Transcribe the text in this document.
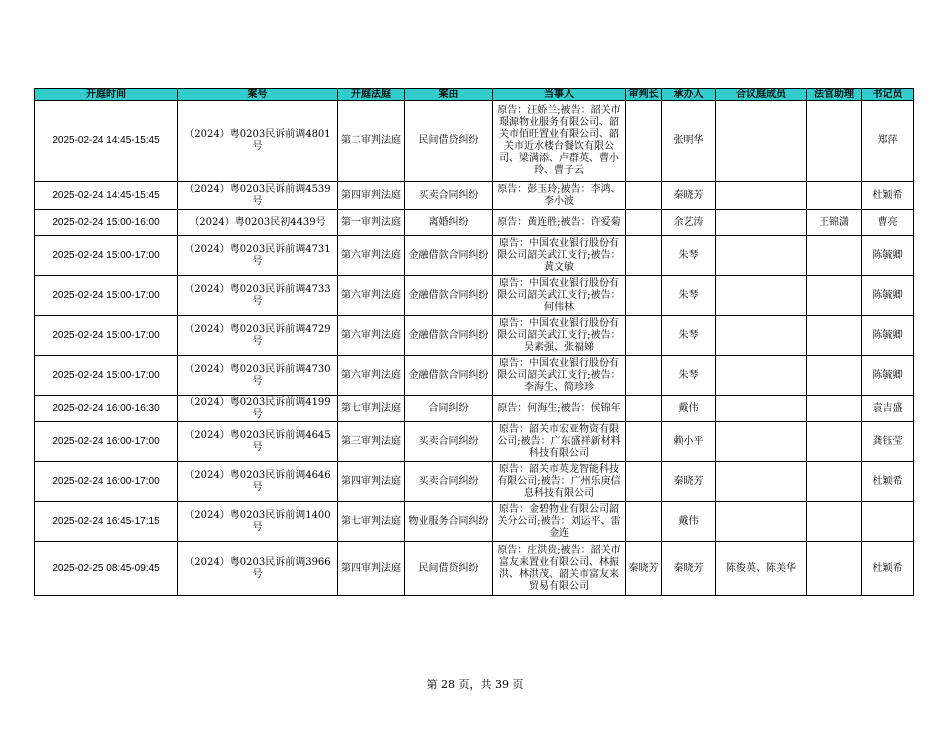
开庭时间	案号	开庭法庭	案由	当事人	审判长	承办人	合议庭成员	法官助理	书记员
2025-02-24 14:45-15:45	（2024）粤0203民诉前调4801号	第二审判法庭	民间借贷纠纷	原告：汪娇兰;被告：韶关市璟源物业服务有限公司、韶关市佰旺置业有限公司、韶关市近水楼台餐饮有限公司、梁满添、卢群英、曹小玲、曹子云		张明华			郑萍
2025-02-24 14:45-15:45	（2024）粤0203民诉前调4539号	第四审判法庭	买卖合同纠纷	原告：彭玉玲;被告：李鸿、李小波		秦晓芳			杜颖希
2025-02-24 15:00-16:00	（2024）粤0203民初4439号	第一审判法庭	离婚纠纷	原告：黄连胜;被告：许爱菊		余艺涛		王锦潇	曹亮
2025-02-24 15:00-17:00	（2024）粤0203民诉前调4731号	第六审判法庭	金融借款合同纠纷	原告：中国农业银行股份有限公司韶关武江支行;被告：黄文敏		朱琴			陈毓卿
2025-02-24 15:00-17:00	（2024）粤0203民诉前调4733号	第六审判法庭	金融借款合同纠纷	原告：中国农业银行股份有限公司韶关武江支行;被告：何伟林		朱琴			陈毓卿
2025-02-24 15:00-17:00	（2024）粤0203民诉前调4729号	第六审判法庭	金融借款合同纠纷	原告：中国农业银行股份有限公司韶关武江支行;被告：吴素强、张福娣		朱琴			陈毓卿
2025-02-24 15:00-17:00	（2024）粤0203民诉前调4730号	第六审判法庭	金融借款合同纠纷	原告：中国农业银行股份有限公司韶关武江支行;被告：李海生、简珍珍		朱琴			陈毓卿
2025-02-24 16:00-16:30	（2024）粤0203民诉前调4199号	第七审判法庭	合同纠纷	原告：何海生;被告：侯锦年		戴伟			袁吉盛
2025-02-24 16:00-17:00	（2024）粤0203民诉前调4645号	第三审判法庭	买卖合同纠纷	原告：韶关市宏亚物资有限公司;被告：广东盛祥新材料科技有限公司		赖小平			龚钰莹
2025-02-24 16:00-17:00	（2024）粤0203民诉前调4646号	第四审判法庭	买卖合同纠纷	原告：韶关市英龙智能科技有限公司;被告：广州乐庚信息科技有限公司		秦晓芳			杜颖希
2025-02-24 16:45-17:15	（2024）粤0203民诉前调1400号	第七审判法庭	物业服务合同纠纷	原告：金碧物业有限公司韶关分公司;被告：刘运平、雷金连		戴伟			
2025-02-25 08:45-09:45	（2024）粤0203民诉前调3966号	第四审判法庭	民间借贷纠纷	原告：庄洪贵;被告：韶关市富友来置业有限公司、林振洪、林洪茂、韶关市富友来贸易有限公司	秦晓芳	秦晓芳	陈俊英、陈美华		杜颖希
第 28 页，共 39 页
